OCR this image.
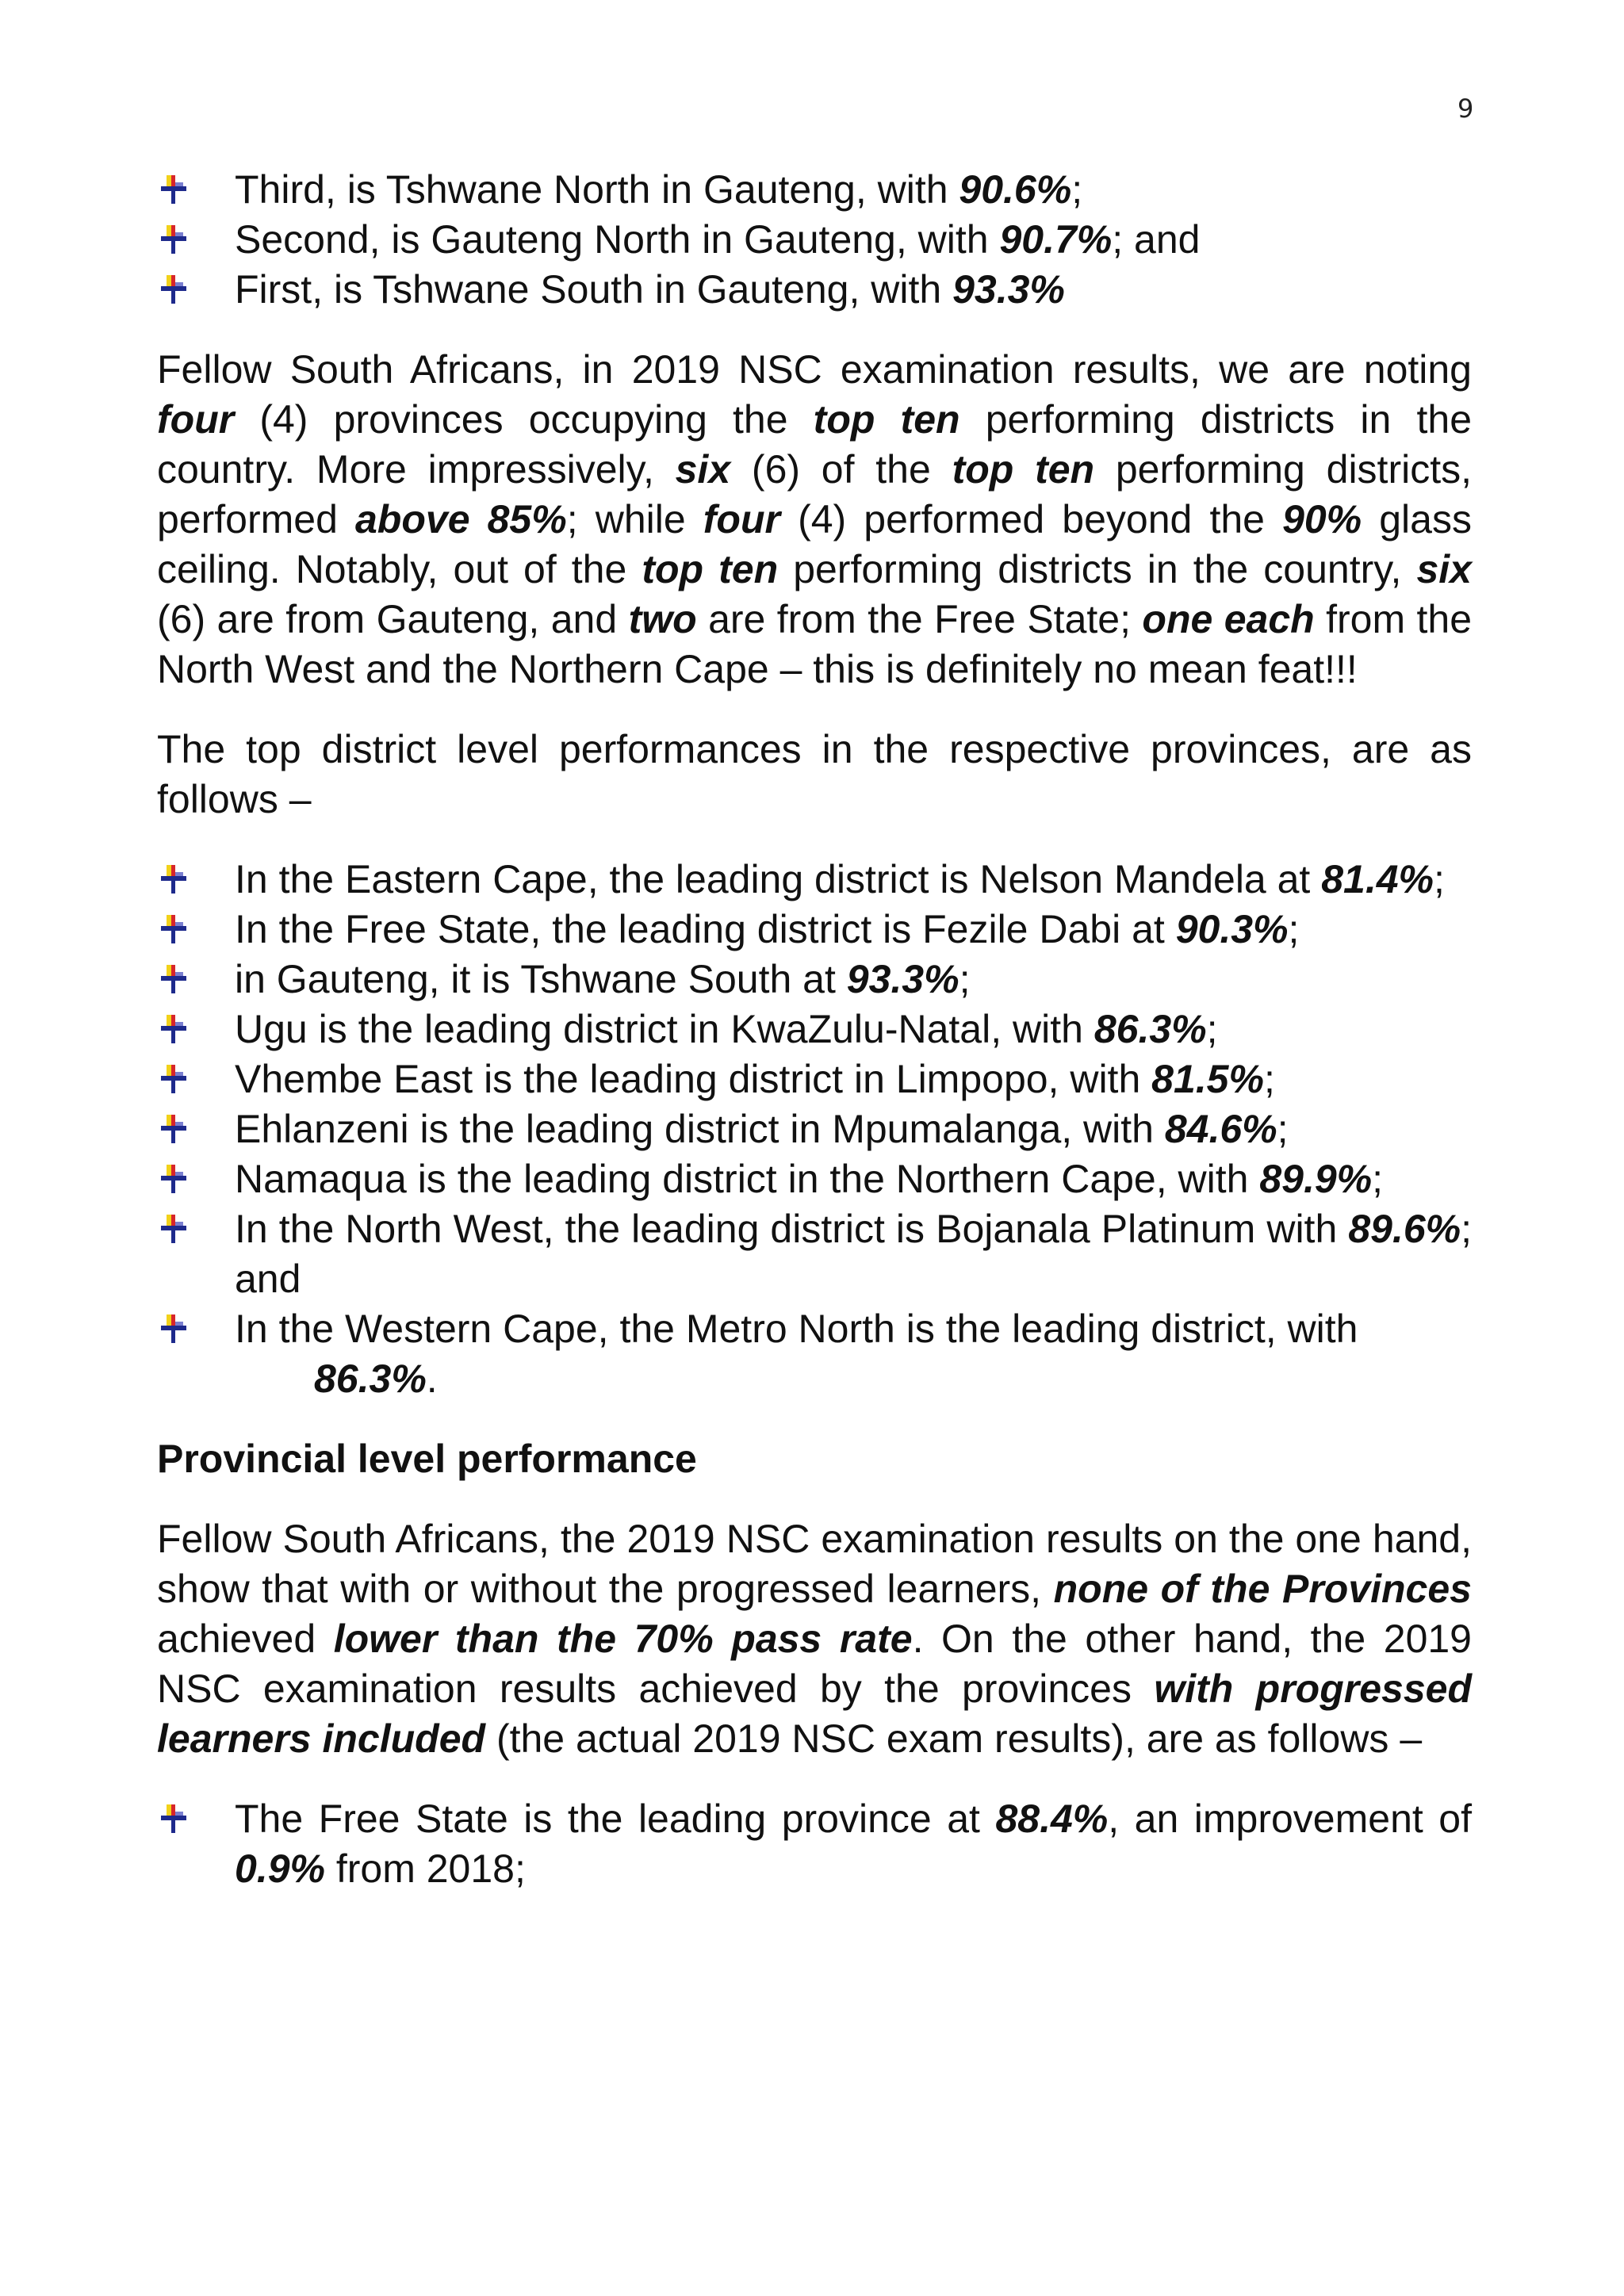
9
Third, is Tshwane North in Gauteng, with 90.6%;
Second, is Gauteng North in Gauteng, with 90.7%; and
First, is Tshwane South in Gauteng, with 93.3%

Fellow South Africans, in 2019 NSC examination results, we are noting four (4) provinces occupying the top ten performing districts in the country. More impressively, six (6) of the top ten performing districts, performed above 85%; while four (4) performed beyond the 90% glass ceiling. Notably, out of the top ten performing districts in the country, six (6) are from Gauteng, and two are from the Free State; one each from the North West and the Northern Cape – this is definitely no mean feat!!!

The top district level performances in the respective provinces, are as follows –

In the Eastern Cape, the leading district is Nelson Mandela at 81.4%;
In the Free State, the leading district is Fezile Dabi at 90.3%;
in Gauteng, it is Tshwane South at 93.3%;
Ugu is the leading district in KwaZulu-Natal, with 86.3%;
Vhembe East is the leading district in Limpopo, with 81.5%;
Ehlanzeni is the leading district in Mpumalanga, with 84.6%;
Namaqua is the leading district in the Northern Cape, with 89.9%;
In the North West, the leading district is Bojanala Platinum with 89.6%; and
In the Western Cape, the Metro North is the leading district, with
86.3%.

Provincial level performance

Fellow South Africans, the 2019 NSC examination results on the one hand, show that with or without the progressed learners, none of the Provinces achieved lower than the 70% pass rate. On the other hand, the 2019 NSC examination results achieved by the provinces with progressed learners included (the actual 2019 NSC exam results), are as follows –

The Free State is the leading province at 88.4%, an improvement of 0.9% from 2018;
